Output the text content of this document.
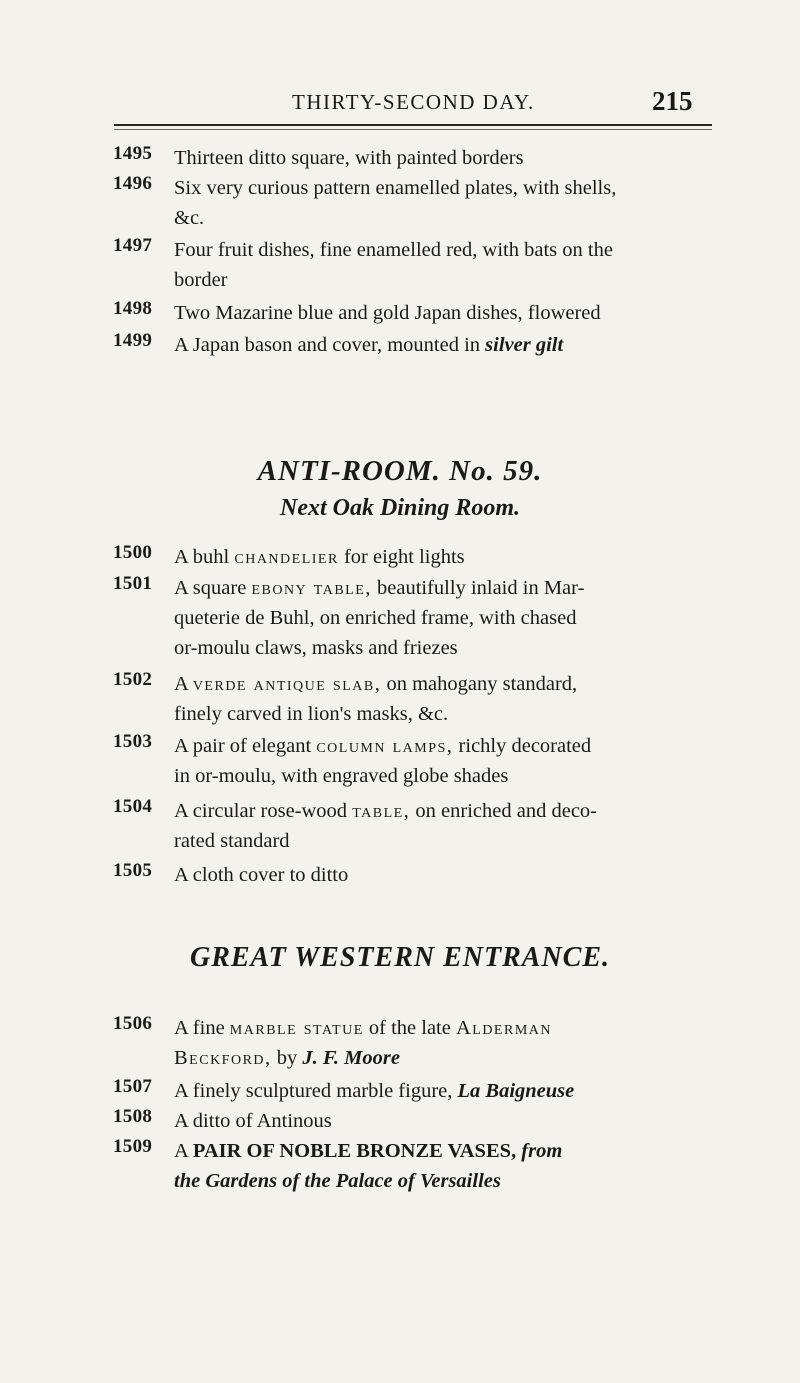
THIRTY-SECOND DAY.	215
1495 Thirteen ditto square, with painted borders
1496 Six very curious pattern enamelled plates, with shells,
&c.
1497 Four fruit dishes, fine enamelled red, with bats on the
border
1498 Two Mazarine blue and gold Japan dishes, flowered
1499 A Japan bason and cover, mounted in silver gilt
ANTI-ROOM. No. 59.
Next Oak Dining Room.
1500 A buhl chandelier for eight lights
1501 A square ebony table, beautifully inlaid in Mar-
queterie de Buhl, on enriched frame, with chased
or-moulu claws, masks and friezes
1502 A verde antique slab, on mahogany standard,
finely carved in lion's masks, &c.
1503 A pair of elegant column lamps, richly decorated
in or-moulu, with engraved globe shades
1504 A circular rose-wood table, on enriched and deco-
rated standard
1505 A cloth cover to ditto
GREAT WESTERN ENTRANCE.
1506 A fine marble statue of the late Alderman
Beckford, by J. F. Moore
1507 A finely sculptured marble figure, La Baigneuse
1508 A ditto of Antinous
1509 A PAIR OF NOBLE BRONZE VASES, from
the Gardens of the Palace of Versailles
